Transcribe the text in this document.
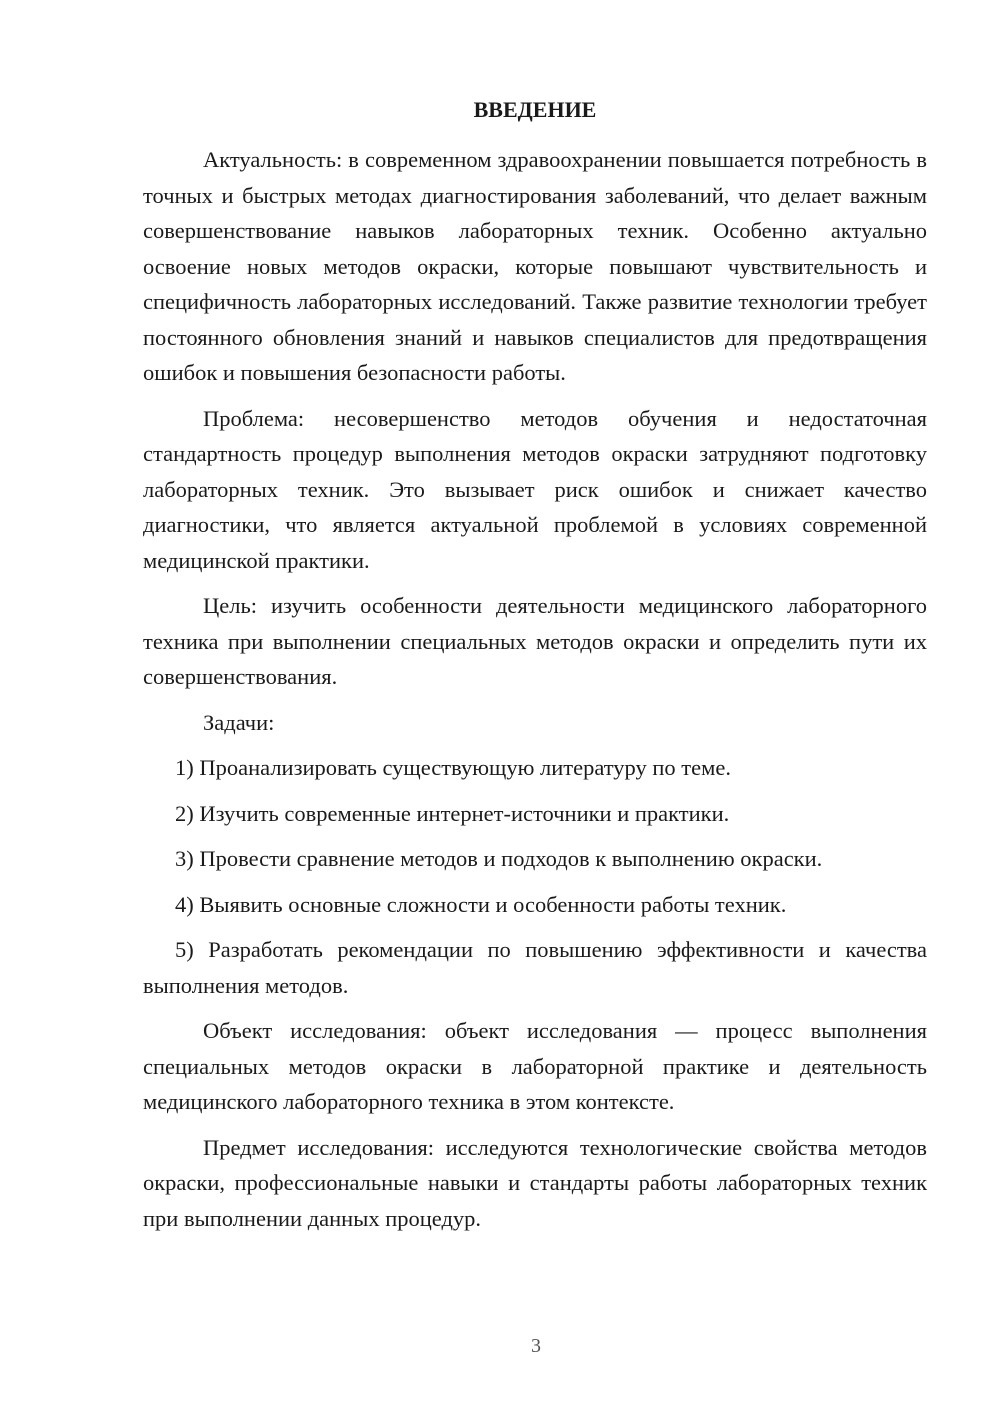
ВВЕДЕНИЕ

Актуальность: в современном здравоохранении повышается потребность в точных и быстрых методах диагностирования заболеваний, что делает важным совершенствование навыков лабораторных техник. Особенно актуально освоение новых методов окраски, которые повышают чувствительность и специфичность лабораторных исследований. Также развитие технологии требует постоянного обновления знаний и навыков специалистов для предотвращения ошибок и повышения безопасности работы.

Проблема: несовершенство методов обучения и недостаточная стандартность процедур выполнения методов окраски затрудняют подготовку лабораторных техник. Это вызывает риск ошибок и снижает качество диагностики, что является актуальной проблемой в условиях современной медицинской практики.

Цель: изучить особенности деятельности медицинского лабораторного техника при выполнении специальных методов окраски и определить пути их совершенствования.

Задачи:

1) Проанализировать существующую литературу по теме.

2) Изучить современные интернет-источники и практики.

3) Провести сравнение методов и подходов к выполнению окраски.

4) Выявить основные сложности и особенности работы техник.

5) Разработать рекомендации по повышению эффективности и качества выполнения методов.

Объект исследования: объект исследования — процесс выполнения специальных методов окраски в лабораторной практике и деятельность медицинского лабораторного техника в этом контексте.

Предмет исследования: исследуются технологические свойства методов окраски, профессиональные навыки и стандарты работы лабораторных техник при выполнении данных процедур.

3
